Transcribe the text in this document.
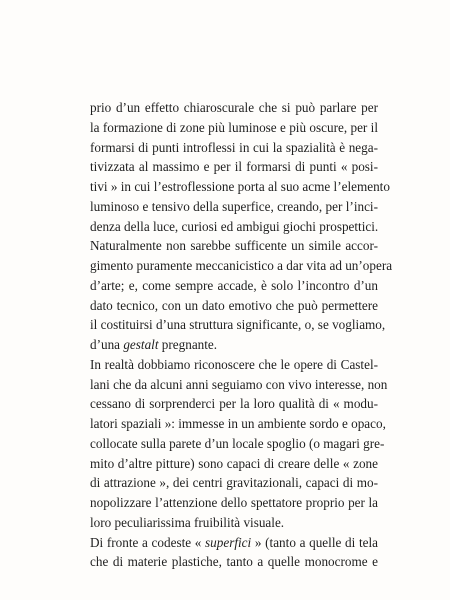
prio d’un effetto chiaroscurale che si può parlare per
la formazione di zone più luminose e più oscure, per il
formarsi di punti introflessi in cui la spazialità è nega-
tivizzata al massimo e per il formarsi di punti « posi-
tivi » in cui l’estroflessione porta al suo acme l’elemento
luminoso e tensivo della superfice, creando, per l’inci-
denza della luce, curiosi ed ambigui giochi prospettici.
Naturalmente non sarebbe sufficente un simile accor-
gimento puramente meccanicistico a dar vita ad un’opera
d’arte; e, come sempre accade, è solo l’incontro d’un
dato tecnico, con un dato emotivo che può permettere
il costituirsi d’una struttura significante, o, se vogliamo,
d’una gestalt pregnante.
In realtà dobbiamo riconoscere che le opere di Castel-
lani che da alcuni anni seguiamo con vivo interesse, non
cessano di sorprenderci per la loro qualità di « modu-
latori spaziali »: immesse in un ambiente sordo e opaco,
collocate sulla parete d’un locale spoglio (o magari gre-
mito d’altre pitture) sono capaci di creare delle « zone
di attrazione », dei centri gravitazionali, capaci di mo-
nopolizzare l’attenzione dello spettatore proprio per la
loro peculiarissima fruibilità visuale.
Di fronte a codeste « superfici » (tanto a quelle di tela
che di materie plastiche, tanto a quelle monocrome e
